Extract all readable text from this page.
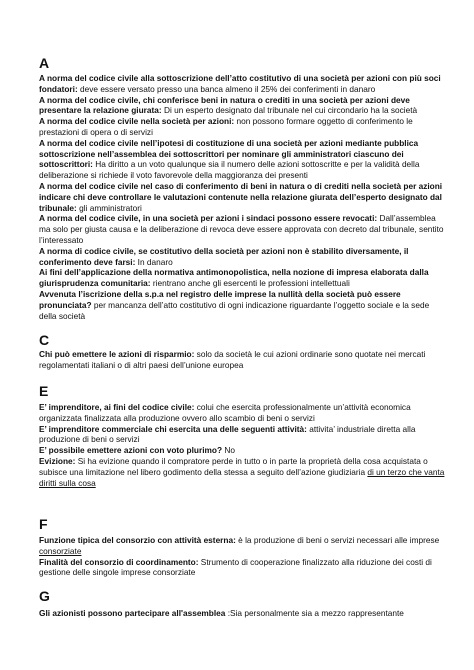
A

A norma del codice civile alla sottoscrizione dell’atto costitutivo di una società per azioni con più soci fondatori: deve essere versato presso una banca almeno il 25% dei conferimenti in danaro

A norma del codice civile, chi conferisce beni in natura o crediti in una società per azioni deve presentare la relazione giurata: Di un esperto designato dal tribunale nel cui circondario ha la società

A norma del codice civile nella società per azioni: non possono formare oggetto di conferimento le prestazioni di opera o di servizi

A norma del codice civile nell’ipotesi di costituzione di una società per azioni mediante pubblica sottoscrizione nell’assemblea dei sottoscrittori per nominare gli amministratori ciascuno dei sottoscrittori: Ha diritto a un voto qualunque sia il numero delle azioni sottoscritte e per la validità della deliberazione si richiede il voto favorevole della maggioranza dei presenti

A norma del codice civile nel caso di conferimento di beni in natura o di crediti nella società per azioni indicare chi deve controllare le valutazioni contenute nella relazione giurata dell’esperto designato dal tribunale: gli amministratori

A norma del codice civile, in una società per azioni i sindaci possono essere revocati: Dall’assemblea ma solo per giusta causa e la deliberazione di revoca deve essere approvata con decreto dal tribunale, sentito l’interessato

A norma di codice civile, se costitutivo della società per azioni non è stabilito diversamente, il conferimento deve farsi: In danaro

Ai fini dell’applicazione della normativa antimonopolistica, nella nozione di impresa elaborata dalla giurisprudenza comunitaria: rientrano anche gli esercenti le professioni intellettuali

Avvenuta l’iscrizione della s.p.a nel registro delle imprese la nullità della società può essere pronunciata? per mancanza dell’atto costitutivo di ogni indicazione riguardante l’oggetto sociale e la sede della società

C

Chi può emettere le azioni di risparmio: solo da società le cui azioni ordinarie sono quotate nei mercati regolamentati italiani o di altri paesi dell’unione europea

E

E’ imprenditore, ai fini del codice civile: colui che esercita professionalmente un’attività economica organizzata finalizzata alla produzione ovvero allo scambio di beni o servizi

E’ imprenditore commerciale chi esercita una delle seguenti attività: attivita’ industriale diretta alla produzione di beni o servizi

E’ possibile emettere azioni con voto plurimo? No

Evizione: Si ha evizione quando il compratore perde in tutto o in parte la proprietà della cosa acquistata o subisce una limitazione nel libero godimento della stessa a seguito dell’azione giudiziaria di un terzo che vanta diritti sulla cosa

F

Funzione tipica del consorzio con attività esterna: è la produzione di beni o servizi necessari alle imprese consorziate

Finalità del consorzio di coordinamento: Strumento di cooperazione finalizzato alla riduzione dei costi di gestione delle singole imprese consorziate

G

Gli azionisti possono partecipare all'assemblea :Sia personalmente sia a mezzo rappresentante
